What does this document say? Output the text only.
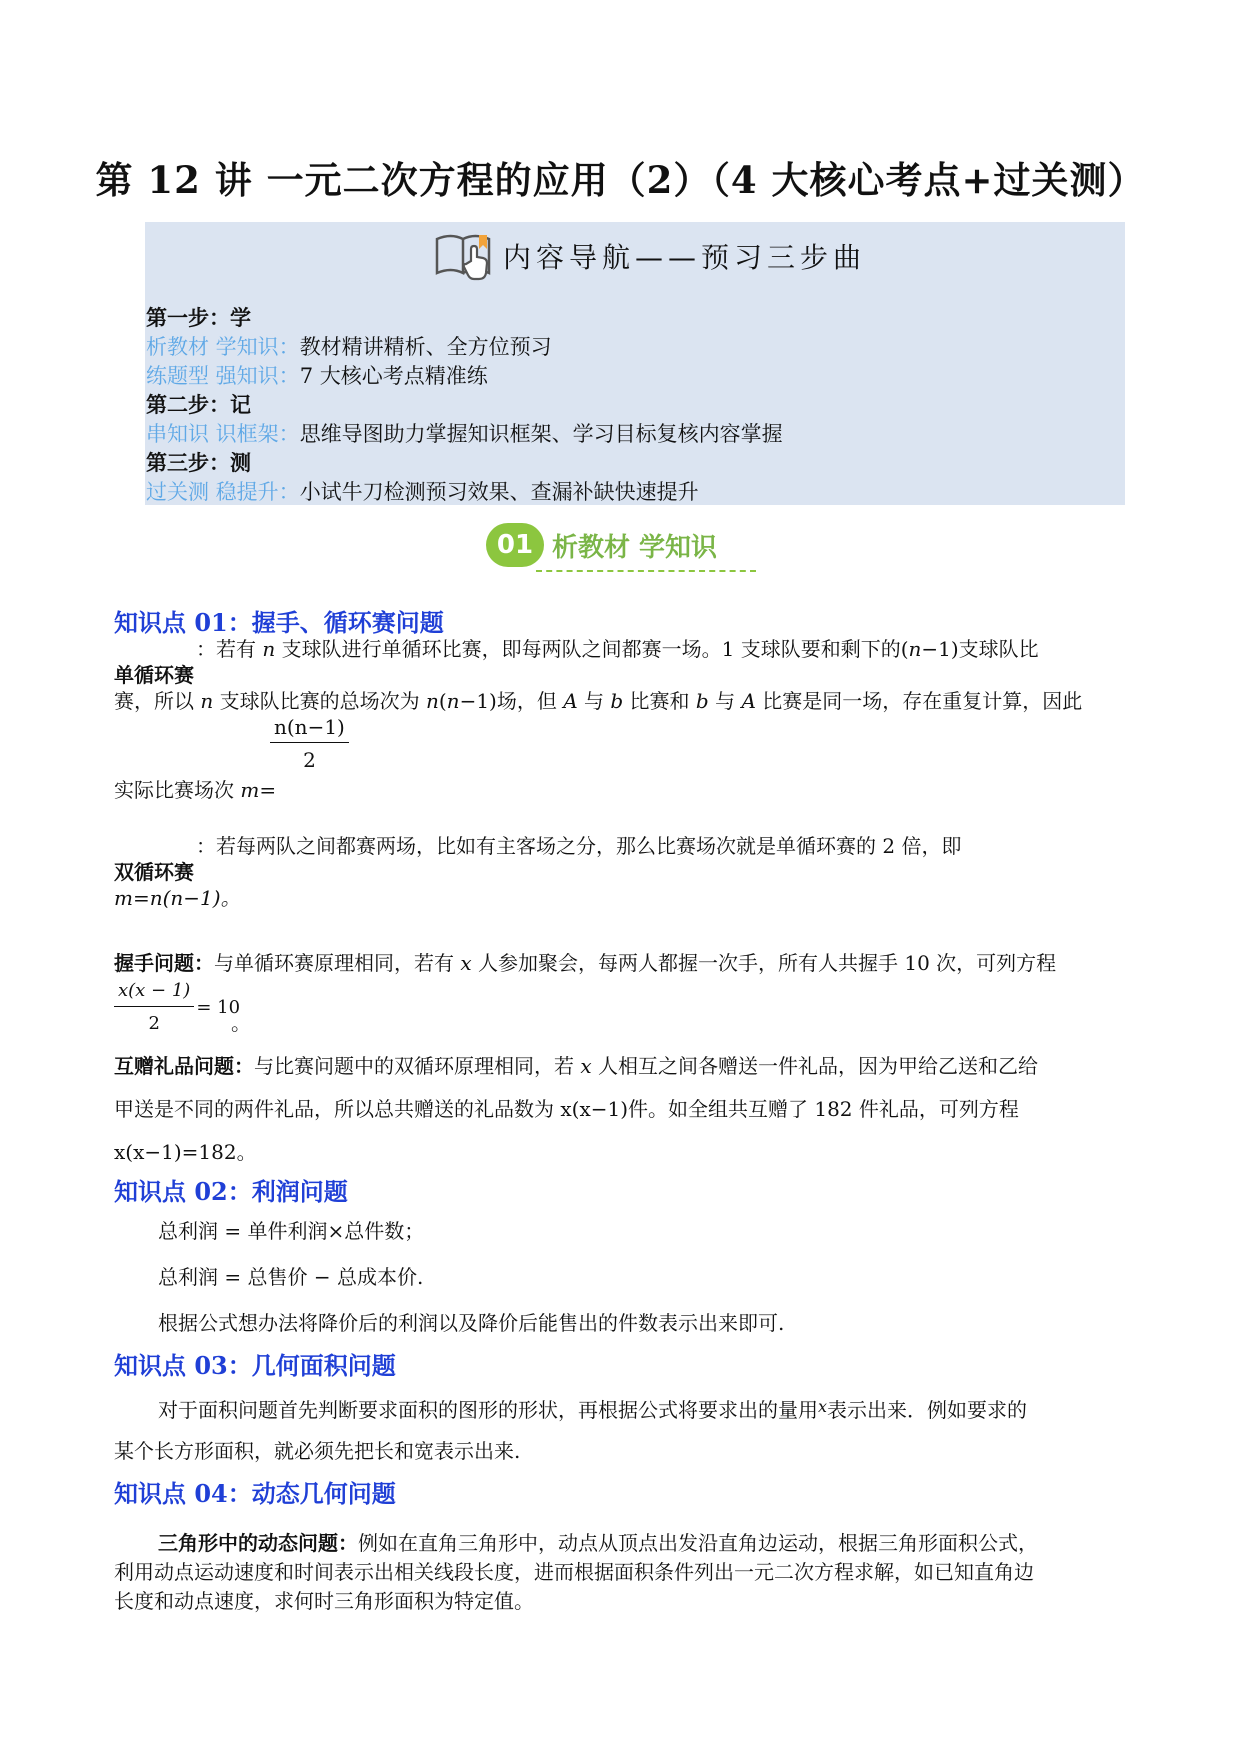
第 12 讲 一元二次方程的应用（2）（4 大核心考点+过关测）
内容导航——预习三步曲
第一步：学
析教材 学知识：教材精讲精析、全方位预习
练题型 强知识：7 大核心考点精准练
第二步：记
串知识 识框架：思维导图助力掌握知识框架、学习目标复核内容掌握
第三步：测
过关测 稳提升：小试牛刀检测预习效果、查漏补缺快速提升
01 析教材 学知识
知识点 01：握手、循环赛问题
：若有 n 支球队进行单循环比赛，即每两队之间都赛一场。1 支球队要和剩下的(n−1)支球队比
单循环赛
赛，所以 n 支球队比赛的总场次为 n(n−1)场，但 A 与 b 比赛和 b 与 A 比赛是同一场，存在重复计算，因此
$\frac{n(n-1)}{2}$
实际比赛场次 m=
：若每两队之间都赛两场，比如有主客场之分，那么比赛场次就是单循环赛的 2 倍，即
双循环赛
m=n(n−1)。
握手问题：与单循环赛原理相同，若有 x 人参加聚会，每两人都握一次手，所有人共握手 10 次，可列方程
$\frac{x(x - 1)}{2} = 10$
。
互赠礼品问题：与比赛问题中的双循环原理相同，若 x 人相互之间各赠送一件礼品，因为甲给乙送和乙给
甲送是不同的两件礼品，所以总共赠送的礼品数为 x(x−1)件。如全组共互赠了 182 件礼品，可列方程
x(x−1)=182。
知识点 02：利润问题
总利润 = 单件利润×总件数；
总利润 = 总售价 − 总成本价.
根据公式想办法将降价后的利润以及降价后能售出的件数表示出来即可.
知识点 03：几何面积问题
对于面积问题首先判断要求面积的图形的形状，再根据公式将要求出的量用$^x$表示出来．例如要求的
某个长方形面积，就必须先把长和宽表示出来.
知识点 04：动态几何问题
三角形中的动态问题：例如在直角三角形中，动点从顶点出发沿直角边运动，根据三角形面积公式，
利用动点运动速度和时间表示出相关线段长度，进而根据面积条件列出一元二次方程求解，如已知直角边
长度和动点速度，求何时三角形面积为特定值。
